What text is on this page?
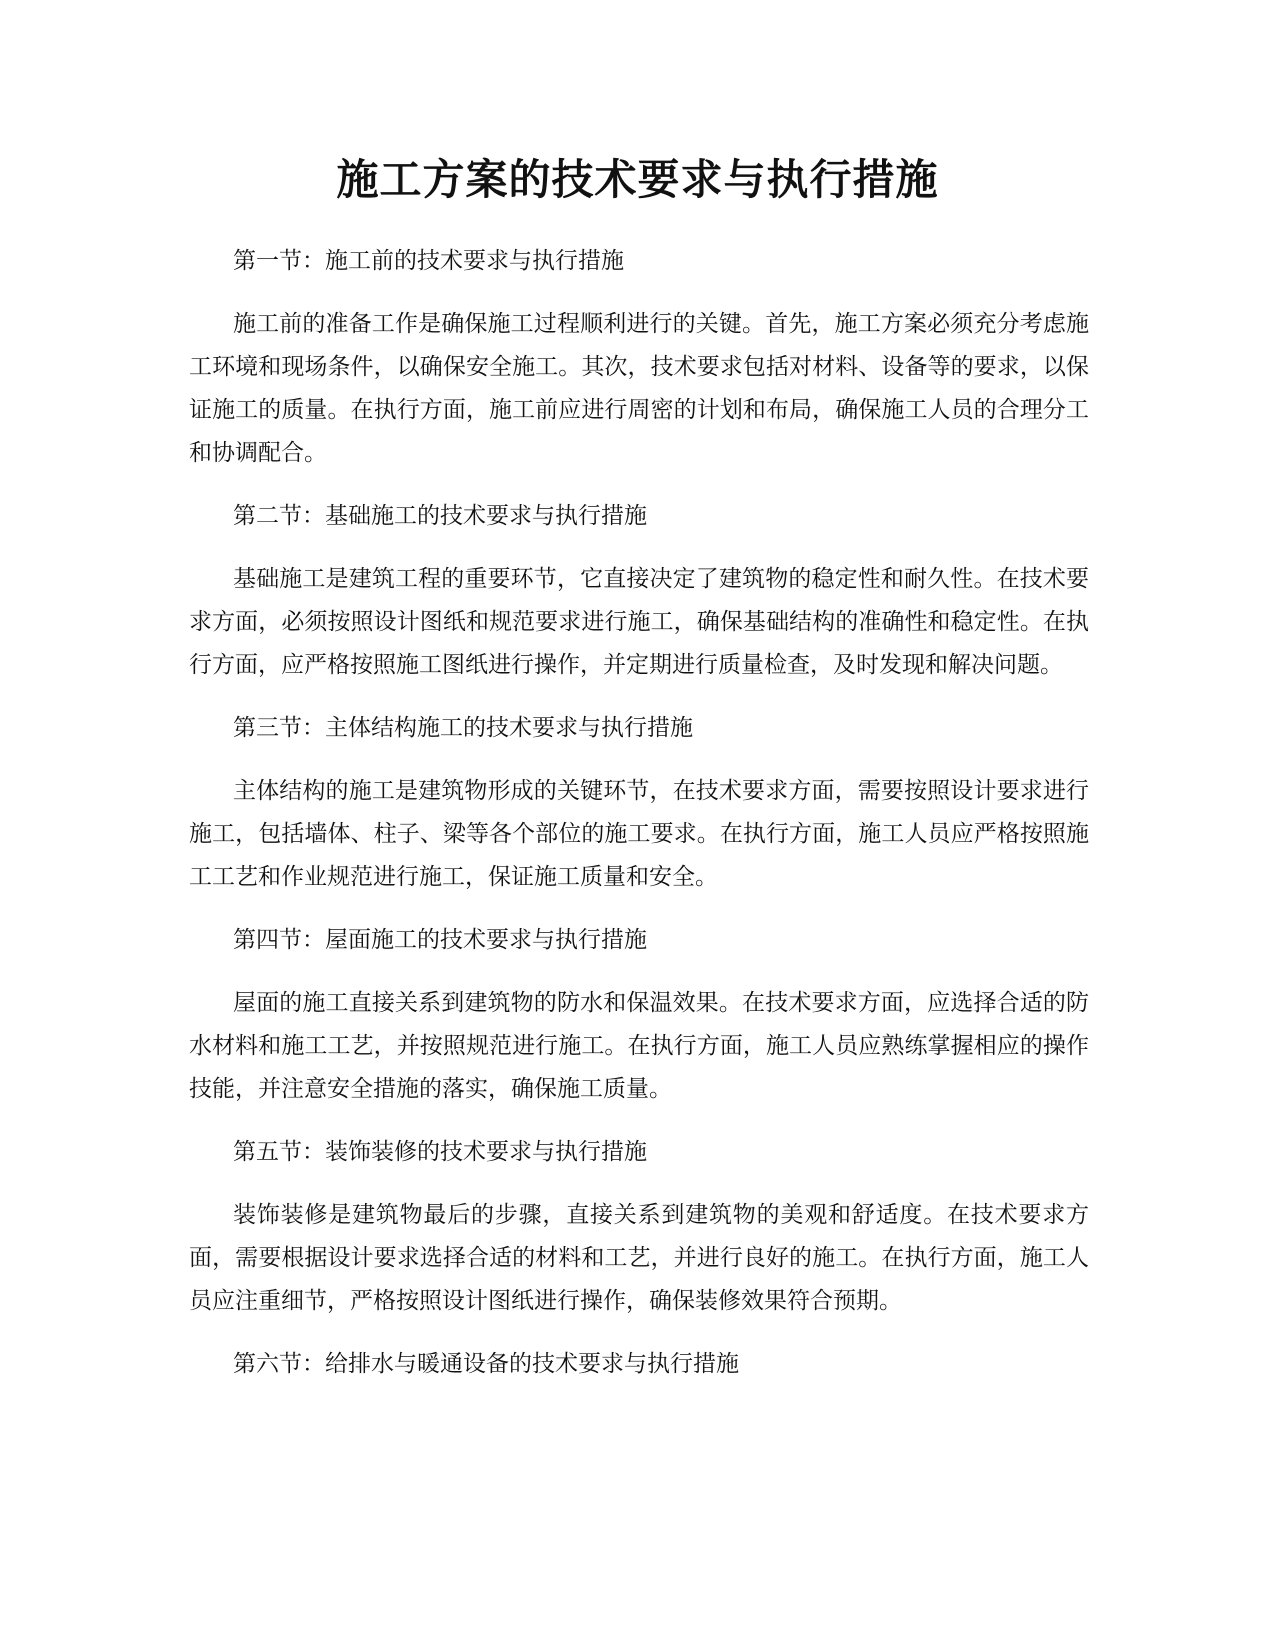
施工方案的技术要求与执行措施

第一节：施工前的技术要求与执行措施

施工前的准备工作是确保施工过程顺利进行的关键。首先，施工方案必须充分考虑施工环境和现场条件，以确保安全施工。其次，技术要求包括对材料、设备等的要求，以保证施工的质量。在执行方面，施工前应进行周密的计划和布局，确保施工人员的合理分工和协调配合。

第二节：基础施工的技术要求与执行措施

基础施工是建筑工程的重要环节，它直接决定了建筑物的稳定性和耐久性。在技术要求方面，必须按照设计图纸和规范要求进行施工，确保基础结构的准确性和稳定性。在执行方面，应严格按照施工图纸进行操作，并定期进行质量检查，及时发现和解决问题。

第三节：主体结构施工的技术要求与执行措施

主体结构的施工是建筑物形成的关键环节，在技术要求方面，需要按照设计要求进行施工，包括墙体、柱子、梁等各个部位的施工要求。在执行方面，施工人员应严格按照施工工艺和作业规范进行施工，保证施工质量和安全。

第四节：屋面施工的技术要求与执行措施

屋面的施工直接关系到建筑物的防水和保温效果。在技术要求方面，应选择合适的防水材料和施工工艺，并按照规范进行施工。在执行方面，施工人员应熟练掌握相应的操作技能，并注意安全措施的落实，确保施工质量。

第五节：装饰装修的技术要求与执行措施

装饰装修是建筑物最后的步骤，直接关系到建筑物的美观和舒适度。在技术要求方面，需要根据设计要求选择合适的材料和工艺，并进行良好的施工。在执行方面，施工人员应注重细节，严格按照设计图纸进行操作，确保装修效果符合预期。

第六节：给排水与暖通设备的技术要求与执行措施
